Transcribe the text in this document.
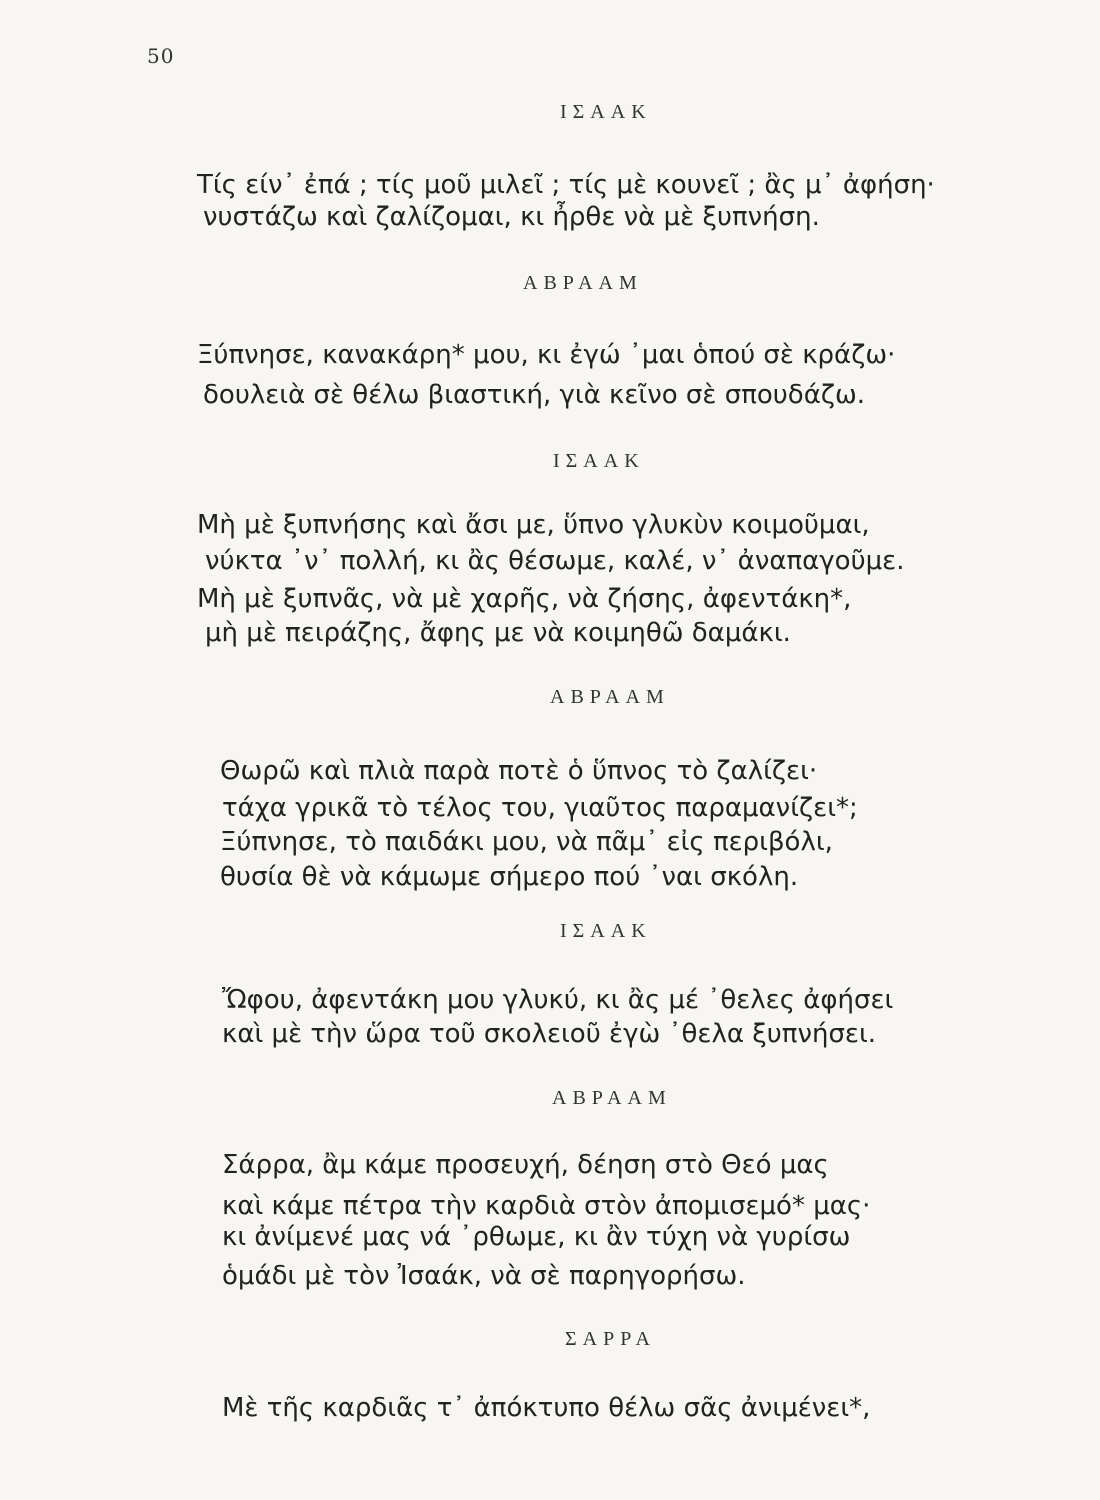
50
ΙΣΑΑΚ
Τίς είν᾽ ἐπά ; τίς μοῦ μιλεῖ ; τίς μὲ κουνεῖ ; ἂς μ᾽ ἀφήση·
νυστάζω καὶ ζαλίζομαι, κι ἦρθε νὰ μὲ ξυπνήση.
ΑΒΡΑΑΜ
Ξύπνησε, κανακάρη* μου, κι ἐγώ ᾽μαι ὁπού σὲ κράζω·
δουλειὰ σὲ θέλω βιαστική, γιὰ κεῖνο σὲ σπουδάζω.
ΙΣΑΑΚ
Μὴ μὲ ξυπνήσης καὶ ἄσι με, ὕπνο γλυκὺν κοιμοῦμαι,
νύκτα ᾽ν᾽ πολλή, κι ἂς θέσωμε, καλέ, ν᾽ ἀναπαγοῦμε.
Μὴ μὲ ξυπνᾶς, νὰ μὲ χαρῆς, νὰ ζήσης, ἀφεντάκη*,
μὴ μὲ πειράζης, ἄφης με νὰ κοιμηθῶ δαμάκι.
ΑΒΡΑΑΜ
Θωρῶ καὶ πλιὰ παρὰ ποτὲ ὁ ὕπνος τὸ ζαλίζει·
τάχα γρικᾶ τὸ τέλος του, γιαῦτος παραμανίζει*;
Ξύπνησε, τὸ παιδάκι μου, νὰ πᾶμ᾽ εἰς περιβόλι,
θυσία θὲ νὰ κάμωμε σήμερο πού ᾽ναι σκόλη.
ΙΣΑΑΚ
Ὤφου, ἀφεντάκη μου γλυκύ, κι ἂς μέ ᾽θελες ἀφήσει
καὶ μὲ τὴν ὥρα τοῦ σκολειοῦ ἐγὼ ᾽θελα ξυπνήσει.
ΑΒΡΑΑΜ
Σάρρα, ἂμ κάμε προσευχή, δέηση στὸ Θεό μας
καὶ κάμε πέτρα τὴν καρδιὰ στὸν ἀπομισεμό* μας·
κι ἀνίμενέ μας νά ᾽ρθωμε, κι ἂν τύχη νὰ γυρίσω
ὁμάδι μὲ τὸν Ἰσαάκ, νὰ σὲ παρηγορήσω.
ΣΑΡΡΑ
Μὲ τῆς καρδιᾶς τ᾽ ἀπόκτυπο θέλω σᾶς ἀνιμένει*,
